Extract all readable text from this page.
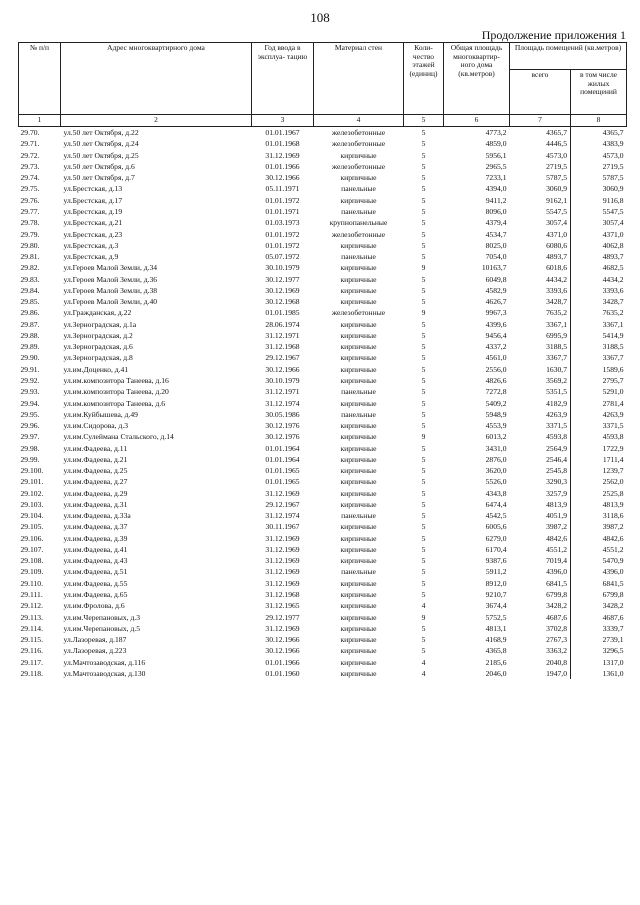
108
Продолжение приложения 1
№ п/п	Адрес многоквартирного дома	Год ввода в эксплуа- тацию	Материал стен	Коли- чество этажей (единиц)	Общая площадь многоквартир- ного дома (кв.метров)	Площадь помещений (кв.метров)	
						всего	в том числе жилых помещений
1	2	3	4	5	6	7	8
29.70.	ул.50 лет Октября, д.22	01.01.1967	железобетонные	5	4773,2	4365,7	4365,7
29.71.	ул.50 лет Октября, д.24	01.01.1968	железобетонные	5	4859,0	4446,5	4383,9
29.72.	ул.50 лет Октября, д.25	31.12.1969	кирпичные	5	5956,1	4573,0	4573,0
29.73.	ул.50 лет Октября, д.6	01.01.1966	железобетонные	5	2965,5	2719,5	2719,5
29.74.	ул.50 лет Октября, д.7	30.12.1966	кирпичные	5	7233,1	5787,5	5787,5
29.75.	ул.Брестская, д.13	05.11.1971	панельные	5	4394,0	3060,9	3060,9
29.76.	ул.Брестская, д.17	01.01.1972	кирпичные	5	9411,2	9162,1	9116,8
29.77.	ул.Брестская, д.19	01.01.1971	панельные	5	8096,0	5547,5	5547,5
29.78.	ул.Брестская, д.21	01.03.1973	крупнопанельные	5	4379,4	3057,4	3057,4
29.79.	ул.Брестская, д.23	01.01.1972	железобетонные	5	4534,7	4371,0	4371,0
29.80.	ул.Брестская, д.3	01.01.1972	кирпичные	5	8025,0	6080,6	4062,8
29.81.	ул.Брестская, д.9	05.07.1972	панельные	5	7054,0	4893,7	4893,7
29.82.	ул.Героев Малой Земли, д.34	30.10.1979	кирпичные	9	10163,7	6018,6	4682,5
29.83.	ул.Героев Малой Земли, д.36	30.12.1977	кирпичные	5	6049,8	4434,2	4434,2
29.84.	ул.Героев Малой Земли, д.38	30.12.1969	кирпичные	5	4582,9	3393,6	3393,6
29.85.	ул.Героев Малой Земли, д.40	30.12.1968	кирпичные	5	4626,7	3428,7	3428,7
29.86.	ул.Гражданская, д.22	01.01.1985	железобетонные	9	9967,3	7635,2	7635,2
29.87.	ул.Зерноградская, д.1а	28.06.1974	кирпичные	5	4399,6	3367,1	3367,1
29.88.	ул.Зерноградская, д.2	31.12.1971	кирпичные	5	9456,4	6995,9	5414,9
29.89.	ул.Зерноградская, д.6	31.12.1968	кирпичные	5	4337,2	3188,5	3188,5
29.90.	ул.Зерноградская, д.8	29.12.1967	кирпичные	5	4561,0	3367,7	3367,7
29.91.	ул.им.Доценко, д.41	30.12.1966	кирпичные	5	2556,0	1630,7	1589,6
29.92.	ул.им.композитора Танеева, д.16	30.10.1979	кирпичные	5	4826,6	3569,2	2795,7
29.93.	ул.им.композитора Танеева, д.20	31.12.1971	панельные	5	7272,8	5351,5	5291,0
29.94.	ул.им.композитора Танеева, д.6	31.12.1974	кирпичные	5	5409,2	4182,9	2781,4
29.95.	ул.им.Куйбышева, д.49	30.05.1986	панельные	5	5948,9	4263,9	4263,9
29.96.	ул.им.Сидорова, д.3	30.12.1976	кирпичные	5	4553,9	3371,5	3371,5
29.97.	ул.им.Сулеймана Стальского, д.14	30.12.1976	кирпичные	9	6013,2	4593,8	4593,8
29.98.	ул.им.Фадеева, д.11	01.01.1964	кирпичные	5	3431,0	2564,9	1722,9
29.99.	ул.им.Фадеева, д.21	01.01.1964	кирпичные	5	2876,0	2546,4	1711,4
29.100.	ул.им.Фадеева, д.25	01.01.1965	кирпичные	5	3620,0	2545,8	1239,7
29.101.	ул.им.Фадеева, д.27	01.01.1965	кирпичные	5	5526,0	3290,3	2562,0
29.102.	ул.им.Фадеева, д.29	31.12.1969	кирпичные	5	4343,8	3257,9	2525,8
29.103.	ул.им.Фадеева, д.31	29.12.1967	кирпичные	5	6474,4	4813,9	4813,9
29.104.	ул.им.Фадеева, д.33а	31.12.1974	панельные	5	4542,5	4051,9	3118,6
29.105.	ул.им.Фадеева, д.37	30.11.1967	кирпичные	5	6005,6	3987,2	3987,2
29.106.	ул.им.Фадеева, д.39	31.12.1969	кирпичные	5	6279,0	4842,6	4842,6
29.107.	ул.им.Фадеева, д.41	31.12.1969	кирпичные	5	6170,4	4551,2	4551,2
29.108.	ул.им.Фадеева, д.43	31.12.1969	кирпичные	5	9387,6	7019,4	5470,9
29.109.	ул.им.Фадеева, д.51	31.12.1969	панельные	5	5911,2	4396,0	4396,0
29.110.	ул.им.Фадеева, д.55	31.12.1969	кирпичные	5	8912,0	6841,5	6841,5
29.111.	ул.им.Фадеева, д.65	31.12.1968	кирпичные	5	9210,7	6799,8	6799,8
29.112.	ул.им.Фролова, д.6	31.12.1965	кирпичные	4	3674,4	3428,2	3428,2
29.113.	ул.им.Черепановых, д.3	29.12.1977	кирпичные	9	5752,5	4687,6	4687,6
29.114.	ул.им.Черепановых, д.5	31.12.1969	кирпичные	5	4813,1	3702,8	3339,7
29.115.	ул.Лазоревая, д.187	30.12.1966	кирпичные	5	4168,9	2767,3	2739,1
29.116.	ул.Лазоревая, д.223	30.12.1966	кирпичные	5	4365,8	3363,2	3296,5
29.117.	ул.Мачтозаводская, д.116	01.01.1966	кирпичные	4	2185,6	2040,8	1317,0
29.118.	ул.Мачтозаводская, д.130	01.01.1960	кирпичные	4	2046,0	1947,0	1361,0
